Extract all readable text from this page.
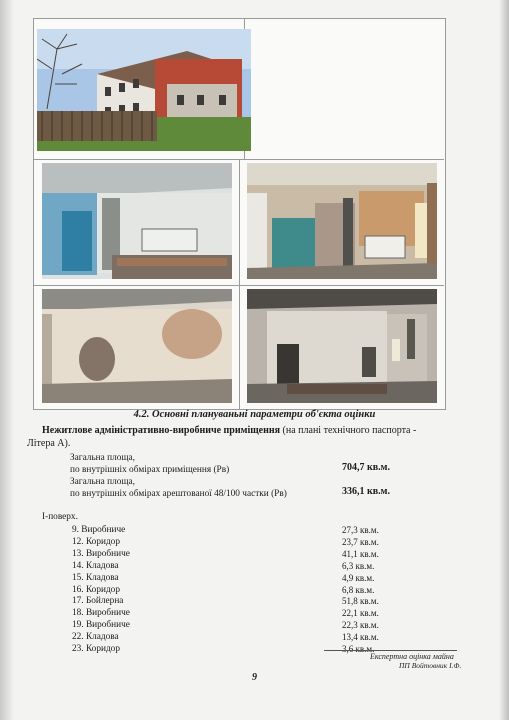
4.2. Основні плануваньні параметри об'єкта оцінки
Нежитлове адміністративно-виробниче приміщення (на плані технічного паспорта -
Літера А).
Загальна площа,
по внутрішніх обмірах приміщення (Рв)	704,7 кв.м.
Загальна площа,
по внутрішніх обмірах арештованої 48/100 частки (Рв)	336,1 кв.м.
І-поверх.
9. Виробниче	27,3 кв.м.
12. Коридор	23,7 кв.м.
13. Виробниче	41,1 кв.м.
14. Кладова	6,3 кв.м.
15. Кладова	4,9 кв.м.
16. Коридор	6,8 кв.м.
17. Бойлерна	51,8 кв.м.
18. Виробниче	22,1 кв.м.
19. Виробниче	22,3 кв.м.
22. Кладова	13,4 кв.м.
23. Коридор	3,6 кв.м.
Експертна оцінка майна
ПП Войтовник І.Ф.
9
